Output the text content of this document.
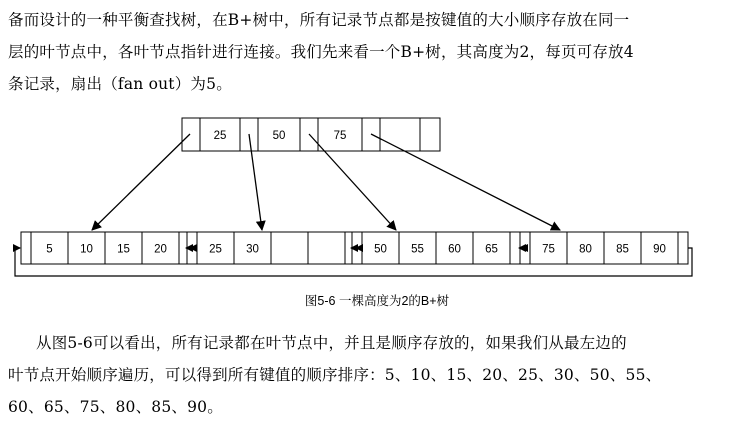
备而设计的一种平衡查找树，在B+树中，所有记录节点都是按键值的大小顺序存放在同一
层的叶节点中，各叶节点指针进行连接。我们先来看一个B+树，其高度为2，每页可存放4
条记录，扇出（fan out）为5。
25	50	75
5 10 15 20	25 30	50 55 60 65	75 80 85 90
图5-6 一棵高度为2的B+树
从图5-6可以看出，所有记录都在叶节点中，并且是顺序存放的，如果我们从最左边的
叶节点开始顺序遍历，可以得到所有键值的顺序排序：5、10、15、20、25、30、50、55、
60、65、75、80、85、90。
